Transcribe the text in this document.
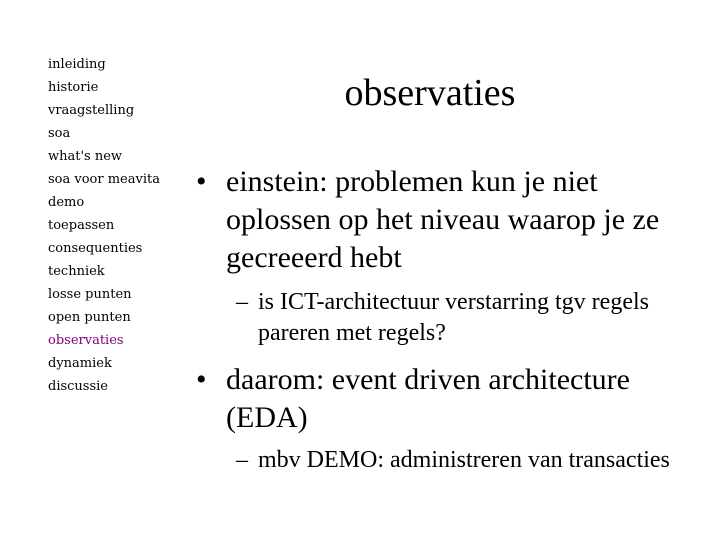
inleiding
historie
vraagstelling
soa
what's new
soa voor meavita
demo
toepassen
consequenties
techniek
losse punten
open punten
observaties
dynamiek
discussie
observaties
• einstein: problemen kun je niet oplossen op het niveau waarop je ze gecreeerd hebt
– is ICT-architectuur verstarring tgv regels pareren met regels?
• daarom: event driven architecture (EDA)
– mbv DEMO: administreren van transacties
